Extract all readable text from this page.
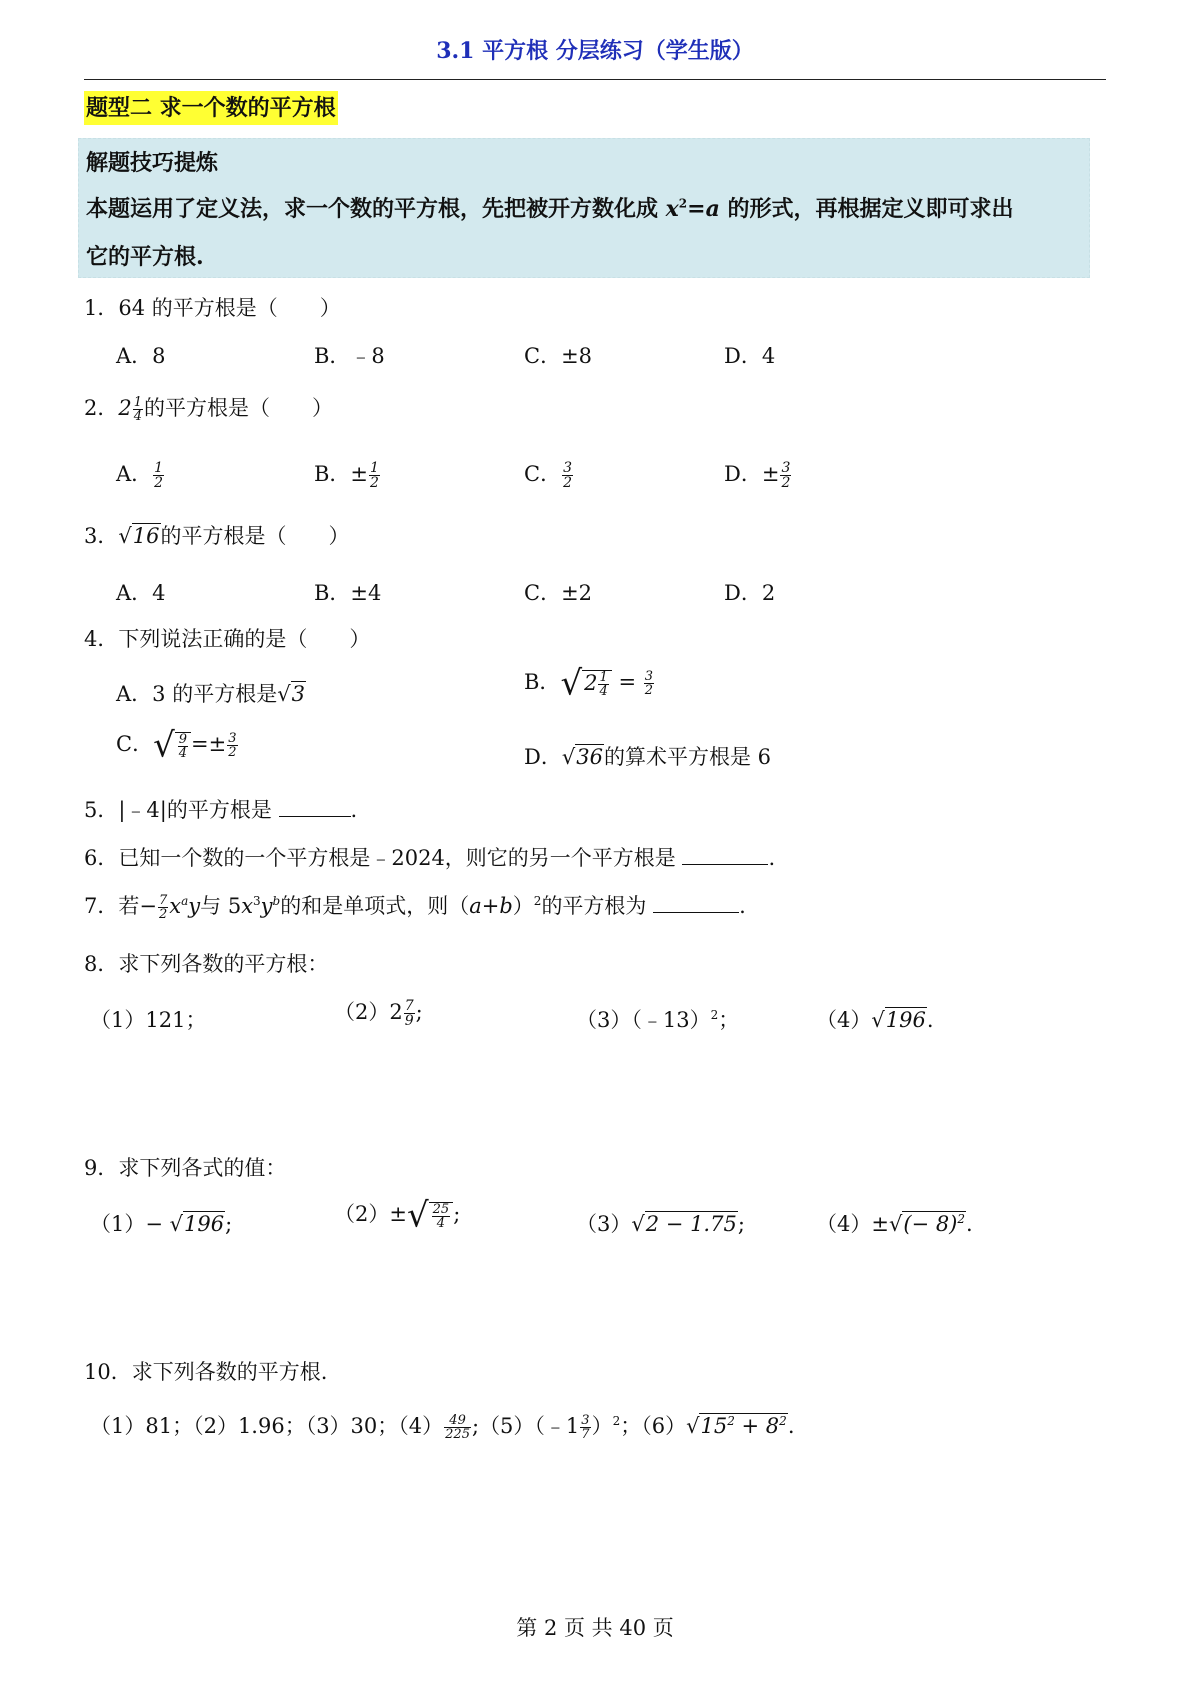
3.1 平方根 分层练习（学生版）
题型二 求一个数的平方根
解题技巧提炼
本题运用了定义法，求一个数的平方根，先把被开方数化成 $x^2=a$ 的形式，再根据定义即可求出
它的平方根.
1．64 的平方根是（　　）
A．8	B．﹣8	C．±8	D．4
2．$2 \frac{1}{4}$ 的平方根是（　　）
A． $\frac{1}{2}$	B．± $\frac{1}{2}$	C． $\frac{3}{2}$	D．± $\frac{3}{2}$
3．√16的平方根是（　　）
A．4	B．±4	C．±2	D．2
4．下列说法正确的是（　　）
A．3 的平方根是√3	B．$√2 \frac{1}{4} = \frac{3}{2}$
C．√ $\frac{9}{4} =\pm \frac{3}{2}$	D．√36的算术平方根是 6
5．|﹣4|的平方根是	.
6．已知一个数的一个平方根是﹣2024，则它的另一个平方根是	.
7．若− $\frac{7}{2} x^ay$与 $5x^3y^b$的和是单项式，则$(a+b)^2$的平方根为	.
8．求下列各数的平方根：
（1）121；	$(2)2 \frac{7}{9}$ ;	（3）（﹣13）$^2$；	（4）√196.
9．求下列各式的值：
（1）− √196;	$(2)\pm√ \frac{25}{4}$ ;	（3）√2 − 1.75;	$(4)\pm√(- 8)^2$.
10．求下列各数的平方根.
（1）81；（2）1.96；（3）30；$(4) \frac{49}{225}$ ;（5）（﹣1 $\frac{3}{7} )^2$；$(6)√15^2 + 8^2$.
第 2 页 共 40 页
